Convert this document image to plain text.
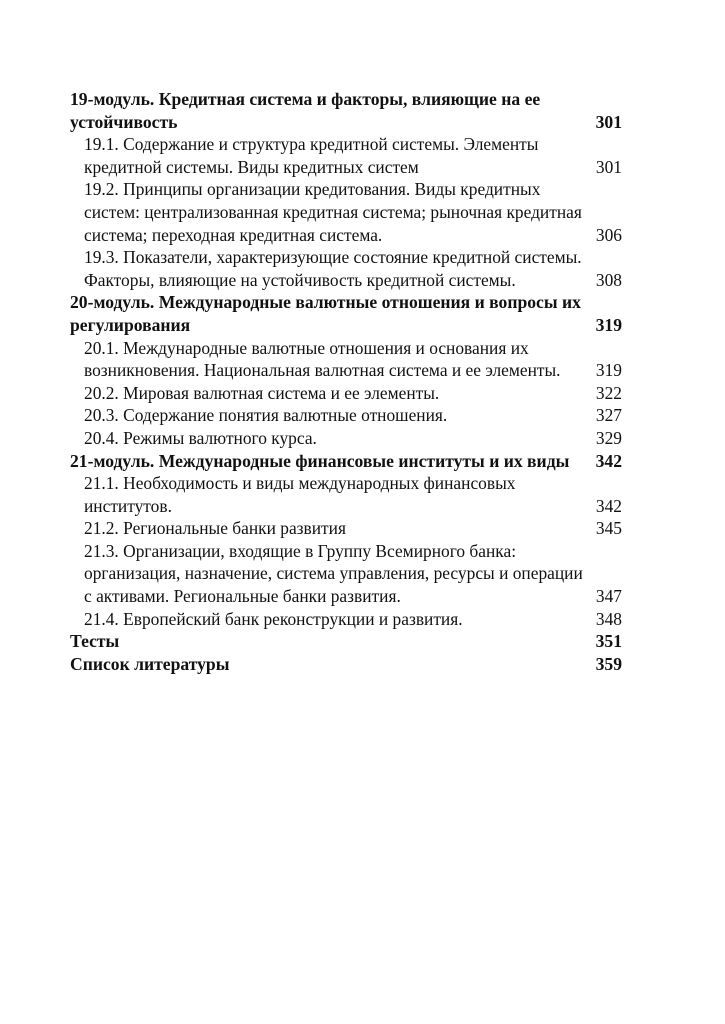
19-модуль. Кредитная система и факторы, влияющие на ее устойчивость	301
19.1. Содержание и структура кредитной системы. Элементы кредитной системы. Виды кредитных систем	301
19.2. Принципы организации кредитования. Виды кредитных систем: централизованная кредитная система; рыночная кредитная система; переходная кредитная система.	306
19.3. Показатели, характеризующие состояние кредитной системы. Факторы, влияющие на устойчивость кредитной системы.	308
20-модуль. Международные валютные отношения и вопросы их регулирования	319
20.1. Международные валютные отношения и основания их возникновения. Национальная валютная система и ее элементы.	319
20.2. Мировая валютная система и ее элементы.	322
20.3. Содержание понятия валютные отношения.	327
20.4. Режимы валютного курса.	329
21-модуль. Международные финансовые институты и их виды	342
21.1. Необходимость и виды международных финансовых институтов.	342
21.2. Региональные банки развития	345
21.3. Организации, входящие в Группу Всемирного банка: организация, назначение, система управления, ресурсы и операции с активами. Региональные банки развития.	347
21.4. Европейский банк реконструкции и развития.	348
Тесты	351
Список литературы	359
